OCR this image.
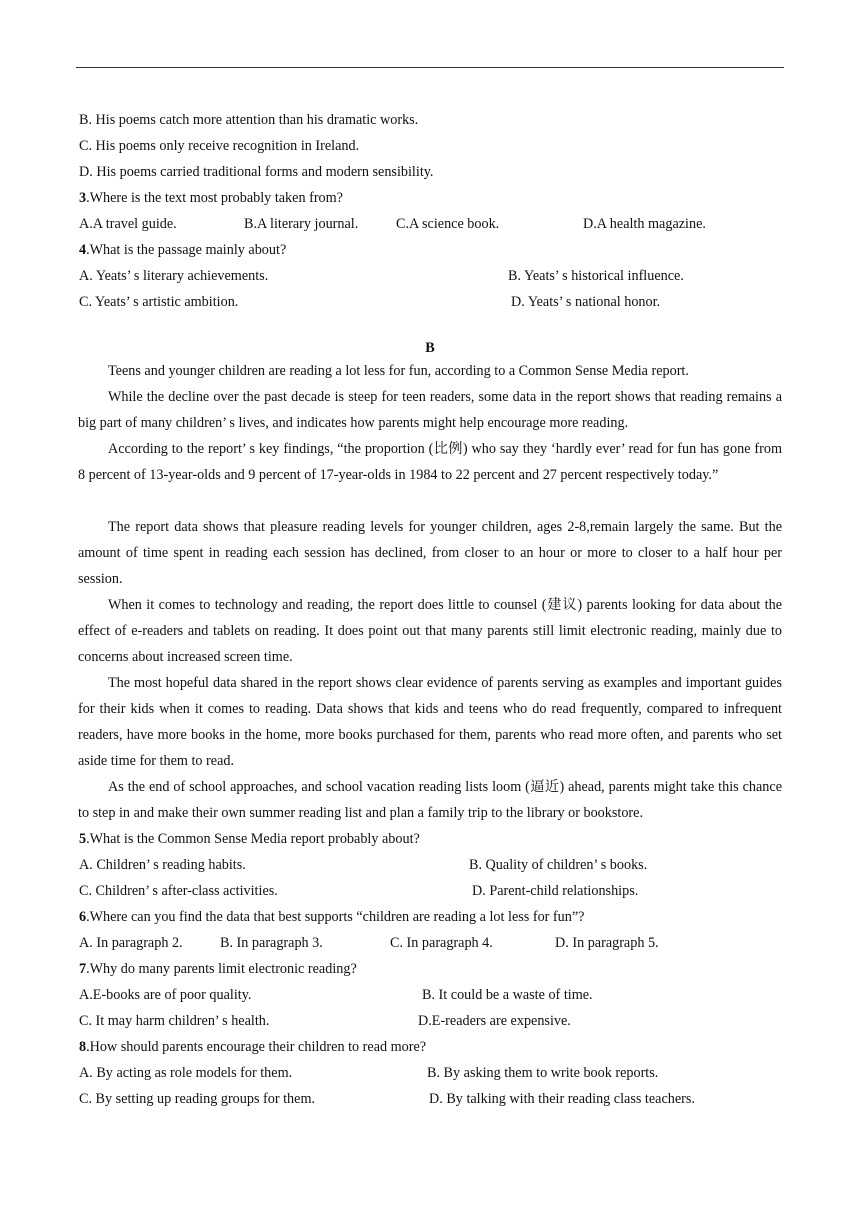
B. His poems catch more attention than his dramatic works.
C. His poems only receive recognition in Ireland.
D. His poems carried traditional forms and modern sensibility.
3.Where is the text most probably taken from?
A.A travel guide.	B.A literary journal.	C.A science book.	D.A health magazine.
4.What is the passage mainly about?
A. Yeats’ s literary achievements.	B. Yeats’ s historical influence.
C. Yeats’ s artistic ambition.	D. Yeats’ s national honor.
B

Teens and younger children are reading a lot less for fun, according to a Common Sense Media report.

While the decline over the past decade is steep for teen readers, some data in the report shows that reading remains a big part of many children’ s lives, and indicates how parents might help encourage more reading.

According to the report’ s key findings, “the proportion (比例) who say they ‘hardly ever’ read for fun has gone from 8 percent of 13-year-olds and 9 percent of 17-year-olds in 1984 to 22 percent and 27 percent respectively today.”

The report data shows that pleasure reading levels for younger children, ages 2-8,remain largely the same. But the amount of time spent in reading each session has declined, from closer to an hour or more to closer to a half hour per session.

When it comes to technology and reading, the report does little to counsel (建议) parents looking for data about the effect of e-readers and tablets on reading. It does point out that many parents still limit electronic reading, mainly due to concerns about increased screen time.

The most hopeful data shared in the report shows clear evidence of parents serving as examples and important guides for their kids when it comes to reading. Data shows that kids and teens who do read frequently, compared to infrequent readers, have more books in the home, more books purchased for them, parents who read more often, and parents who set aside time for them to read.

As the end of school approaches, and school vacation reading lists loom (逼近) ahead, parents might take this chance to step in and make their own summer reading list and plan a family trip to the library or bookstore.

5.What is the Common Sense Media report probably about?
A. Children’ s reading habits.	B. Quality of children’ s books.
C. Children’ s after-class activities.	D. Parent-child relationships.
6.Where can you find the data that best supports “children are reading a lot less for fun”?
A. In paragraph 2.	B. In paragraph 3.	C. In paragraph 4.	D. In paragraph 5.
7.Why do many parents limit electronic reading?
A.E-books are of poor quality.	B. It could be a waste of time.
C. It may harm children’ s health.	D.E-readers are expensive.
8.How should parents encourage their children to read more?
A. By acting as role models for them.	B. By asking them to write book reports.
C. By setting up reading groups for them.	D. By talking with their reading class teachers.
